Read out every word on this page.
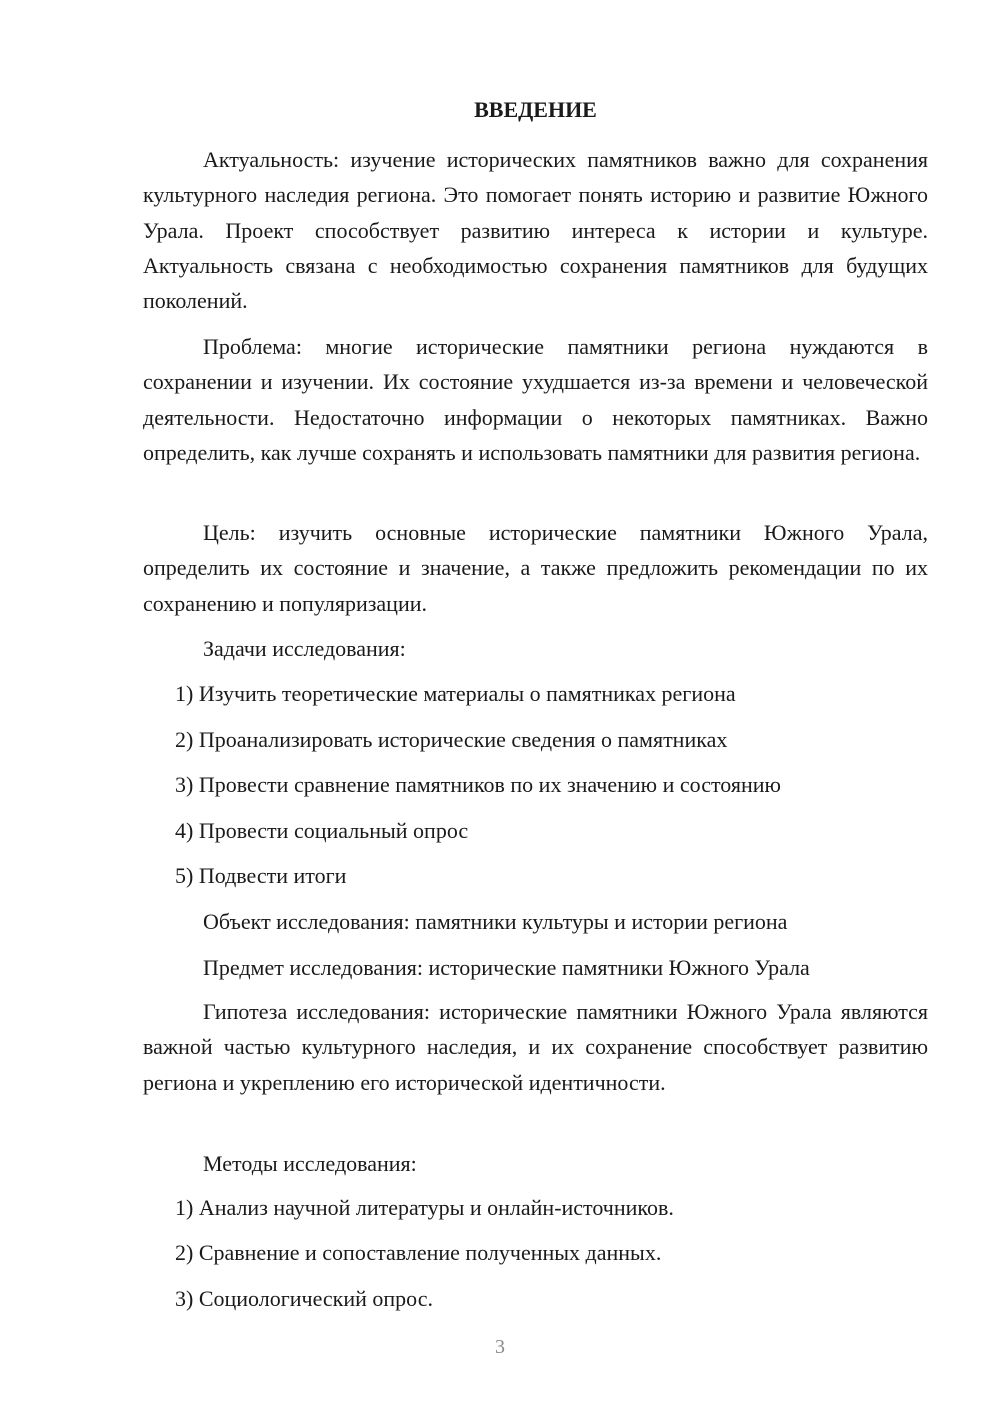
ВВЕДЕНИЕ

Актуальность: изучение исторических памятников важно для сохранения культурного наследия региона. Это помогает понять историю и развитие Южного Урала. Проект способствует развитию интереса к истории и культуре. Актуальность связана с необходимостью сохранения памятников для будущих поколений.

Проблема: многие исторические памятники региона нуждаются в сохранении и изучении. Их состояние ухудшается из-за времени и человеческой деятельности. Недостаточно информации о некоторых памятниках. Важно определить, как лучше сохранять и использовать памятники для развития региона.

Цель: изучить основные исторические памятники Южного Урала, определить их состояние и значение, а также предложить рекомендации по их сохранению и популяризации.

Задачи исследования:

1) Изучить теоретические материалы о памятниках региона

2) Проанализировать исторические сведения о памятниках

3) Провести сравнение памятников по их значению и состоянию

4) Провести социальный опрос

5) Подвести итоги

Объект исследования: памятники культуры и истории региона

Предмет исследования: исторические памятники Южного Урала

Гипотеза исследования: исторические памятники Южного Урала являются важной частью культурного наследия, и их сохранение способствует развитию региона и укреплению его исторической идентичности.

Методы исследования:

1) Анализ научной литературы и онлайн-источников.

2) Сравнение и сопоставление полученных данных.

3) Социологический опрос.

3
